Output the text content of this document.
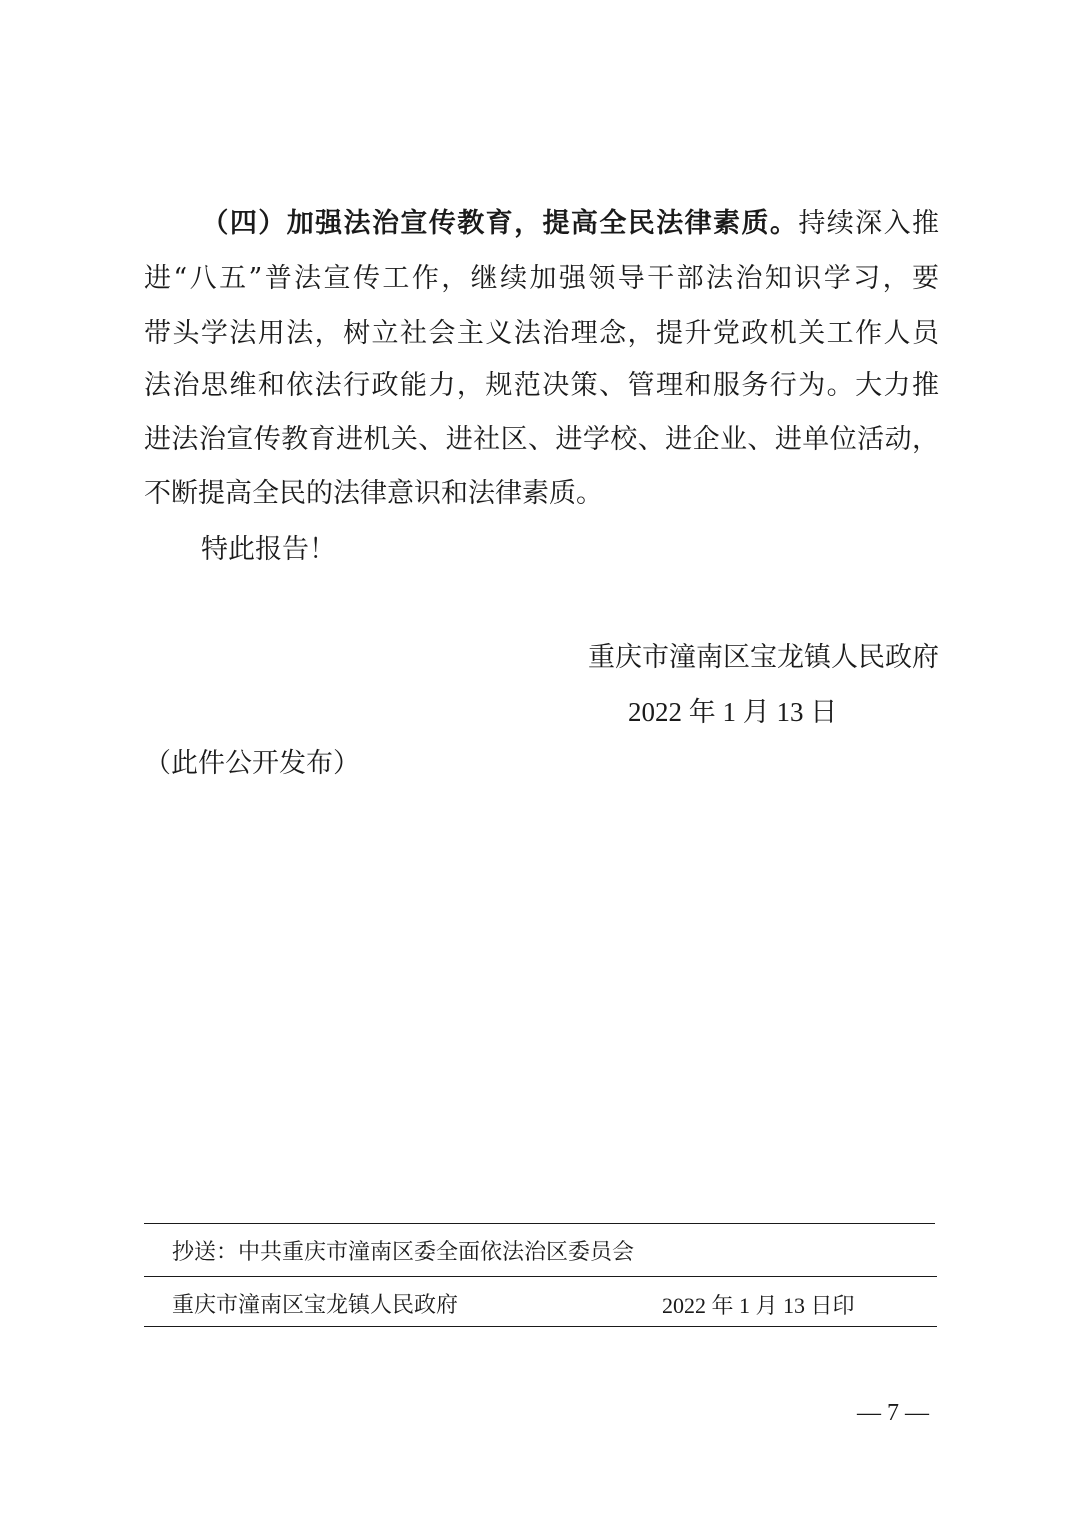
（四）加强法治宣传教育，提高全民法律素质。持续深入推
进“八五”普法宣传工作，继续加强领导干部法治知识学习，要
带头学法用法，树立社会主义法治理念，提升党政机关工作人员
法治思维和依法行政能力，规范决策、管理和服务行为。大力推
进法治宣传教育进机关、进社区、进学校、进企业、进单位活动，
不断提高全民的法律意识和法律素质。
特此报告！
重庆市潼南区宝龙镇人民政府
2022 年 1 月 13 日
（此件公开发布）
抄送：中共重庆市潼南区委全面依法治区委员会
重庆市潼南区宝龙镇人民政府	2022 年 1 月 13 日印
— 7 —
